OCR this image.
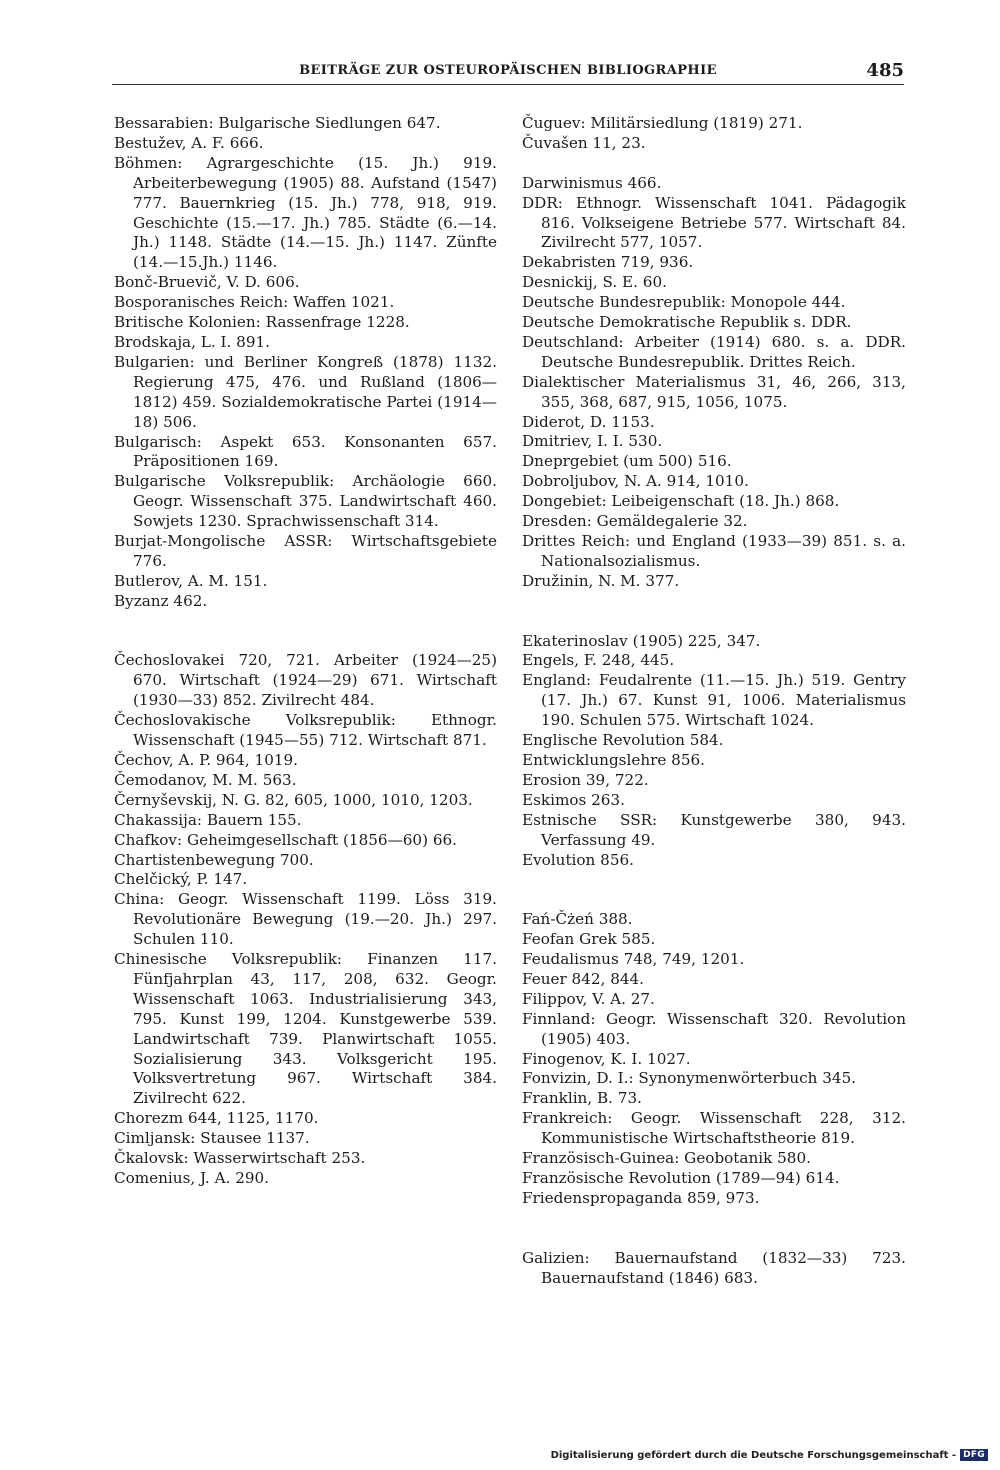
BEITRÄGE ZUR OSTEUROPÄISCHEN BIBLIOGRAPHIE	485
Bessarabien: Bulgarische Siedlungen 647.
Bestužev, A. F. 666.
Böhmen: Agrargeschichte (15. Jh.) 919. Arbeiterbewegung (1905) 88. Aufstand (1547) 777. Bauernkrieg (15. Jh.) 778, 918, 919. Geschichte (15.—17. Jh.) 785. Städte (6.—14. Jh.) 1148. Städte (14.—15. Jh.) 1147. Zünfte (14.—15.Jh.) 1146.
Bonč-Bruevič, V. D. 606.
Bosporanisches Reich: Waffen 1021.
Britische Kolonien: Rassenfrage 1228.
Brodskaja, L. I. 891.
Bulgarien: und Berliner Kongreß (1878) 1132. Regierung 475, 476. und Rußland (1806—1812) 459. Sozialdemokratische Partei (1914—18) 506.
Bulgarisch: Aspekt 653. Konsonanten 657. Präpositionen 169.
Bulgarische Volksrepublik: Archäologie 660. Geogr. Wissenschaft 375. Landwirtschaft 460. Sowjets 1230. Sprachwissenschaft 314.
Burjat-Mongolische ASSR: Wirtschaftsgebiete 776.
Butlerov, A. M. 151.
Byzanz 462.
Čechoslovakei 720, 721. Arbeiter (1924—25) 670. Wirtschaft (1924—29) 671. Wirtschaft (1930—33) 852. Zivilrecht 484.
Čechoslovakische Volksrepublik: Ethnogr. Wissenschaft (1945—55) 712. Wirtschaft 871.
Čechov, A. P. 964, 1019.
Čemodanov, M. M. 563.
Černyševskij, N. G. 82, 605, 1000, 1010, 1203.
Chakassija: Bauern 155.
Chafkov: Geheimgesellschaft (1856—60) 66.
Chartistenbewegung 700.
Chelčický, P. 147.
China: Geogr. Wissenschaft 1199. Löss 319. Revolutionäre Bewegung (19.—20. Jh.) 297. Schulen 110.
Chinesische Volksrepublik: Finanzen 117. Fünfjahrplan 43, 117, 208, 632. Geogr. Wissenschaft 1063. Industrialisierung 343, 795. Kunst 199, 1204. Kunstgewerbe 539. Landwirtschaft 739. Planwirtschaft 1055. Sozialisierung 343. Volksgericht 195. Volksvertretung 967. Wirtschaft 384. Zivilrecht 622.
Chorezm 644, 1125, 1170.
Cimljansk: Stausee 1137.
Čkalovsk: Wasserwirtschaft 253.
Comenius, J. A. 290.
Čuguev: Militärsiedlung (1819) 271.
Čuvašen 11, 23.
Darwinismus 466.
DDR: Ethnogr. Wissenschaft 1041. Pädagogik 816. Volkseigene Betriebe 577. Wirtschaft 84. Zivilrecht 577, 1057.
Dekabristen 719, 936.
Desnickij, S. E. 60.
Deutsche Bundesrepublik: Monopole 444.
Deutsche Demokratische Republik s. DDR.
Deutschland: Arbeiter (1914) 680. s. a. DDR. Deutsche Bundesrepublik. Drittes Reich.
Dialektischer Materialismus 31, 46, 266, 313, 355, 368, 687, 915, 1056, 1075.
Diderot, D. 1153.
Dmitriev, I. I. 530.
Dneprgebiet (um 500) 516.
Dobroljubov, N. A. 914, 1010.
Dongebiet: Leibeigenschaft (18. Jh.) 868.
Dresden: Gemäldegalerie 32.
Drittes Reich: und England (1933—39) 851. s. a. Nationalsozialismus.
Družinin, N. M. 377.
Ekaterinoslav (1905) 225, 347.
Engels, F. 248, 445.
England: Feudalrente (11.—15. Jh.) 519. Gentry (17. Jh.) 67. Kunst 91, 1006. Materialismus 190. Schulen 575. Wirtschaft 1024.
Englische Revolution 584.
Entwicklungslehre 856.
Erosion 39, 722.
Eskimos 263.
Estnische SSR: Kunstgewerbe 380, 943. Verfassung 49.
Evolution 856.
Fań-Čżeń 388.
Feofan Grek 585.
Feudalismus 748, 749, 1201.
Feuer 842, 844.
Filippov, V. A. 27.
Finnland: Geogr. Wissenschaft 320. Revolution (1905) 403.
Finogenov, K. I. 1027.
Fonvizin, D. I.: Synonymenwörterbuch 345.
Franklin, B. 73.
Frankreich: Geogr. Wissenschaft 228, 312. Kommunistische Wirtschaftstheorie 819.
Französisch-Guinea: Geobotanik 580.
Französische Revolution (1789—94) 614.
Friedenspropaganda 859, 973.
Galizien: Bauernaufstand (1832—33) 723. Bauernaufstand (1846) 683.
Digitalisierung gefördert durch die Deutsche Forschungsgemeinschaft - DFG
